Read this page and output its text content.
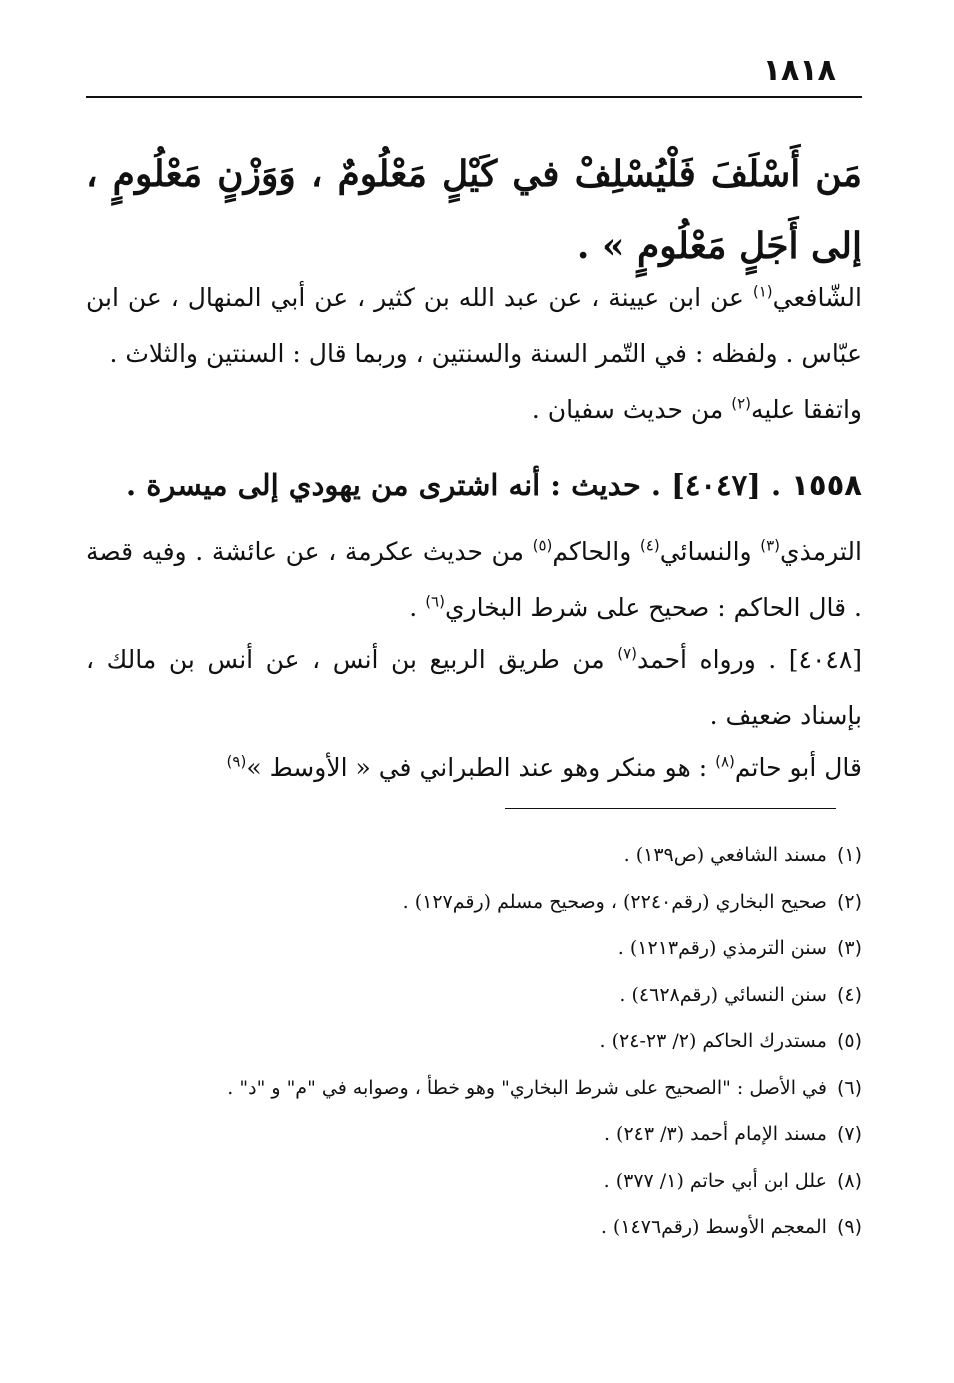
١٨١٨
مَن أَسْلَفَ فَلْيُسْلِفْ في كَيْلٍ مَعْلُومٌ ، وَوَزْنٍ مَعْلُومٍ ، إلى أَجَلٍ مَعْلُومٍ » .
الشّافعي$^{(١)}$ عن ابن عيينة ، عن عبد الله بن كثير ، عن أبي المنهال ، عن ابن عبّاس . ولفظه : في التّمر السنة والسنتين ، وربما قال : السنتين والثلاث .
واتفقا عليه$^{(٢)}$ من حديث سفيان .
١٥٥٨ . [٤٠٤٧] . حديث : أنه اشترى من يهودي إلى ميسرة .
الترمذي$^{(٣)}$ والنسائي$^{(٤)}$ والحاكم$^{(٥)}$ من حديث عكرمة ، عن عائشة . وفيه قصة . قال الحاكم : صحيح على شرط البخاري$^{(٦)}$ .
[٤٠٤٨] . ورواه أحمد$^{(٧)}$ من طريق الربيع بن أنس ، عن أنس بن مالك ، بإسناد ضعيف .
قال أبو حاتم$^{(٨)}$ : هو منكر وهو عند الطبراني في « الأوسط »$^{(٩)}$
(١)مسند الشافعي (ص١٣٩) .
(٢)صحيح البخاري (رقم٢٢٤٠) ، وصحيح مسلم (رقم١٢٧) .
(٣)سنن الترمذي (رقم١٢١٣) .
(٤)سنن النسائي (رقم٤٦٢٨) .
(٥)مستدرك الحاكم (٢/ ٢٣-٢٤) .
(٦)في الأصل : "الصحيح على شرط البخاري" وهو خطأ ، وصوابه في "م" و "د" .
(٧)مسند الإمام أحمد (٣/ ٢٤٣) .
(٨)علل ابن أبي حاتم (١/ ٣٧٧) .
(٩)المعجم الأوسط (رقم١٤٧٦) .
